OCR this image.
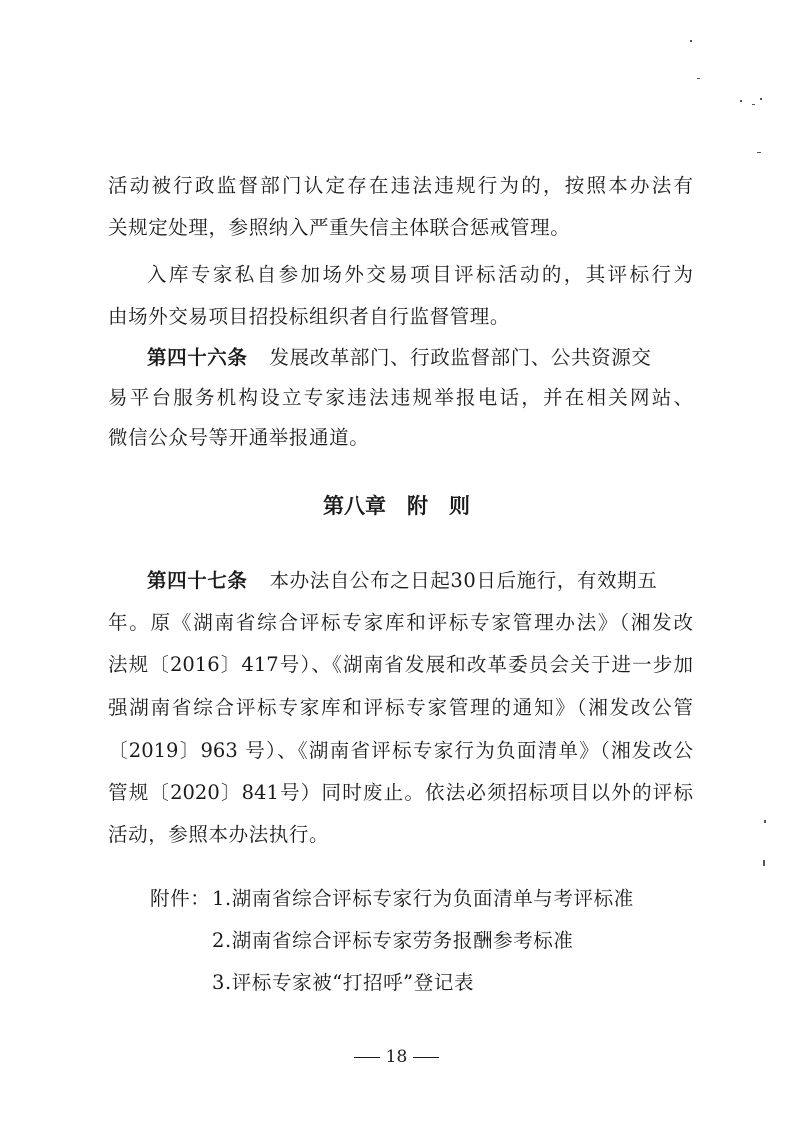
活动被行政监督部门认定存在违法违规行为的，按照本办法有
关规定处理，参照纳入严重失信主体联合惩戒管理。
入库专家私自参加场外交易项目评标活动的，其评标行为
由场外交易项目招投标组织者自行监督管理。
第四十六条 发展改革部门、行政监督部门、公共资源交
易平台服务机构设立专家违法违规举报电话，并在相关网站、
微信公众号等开通举报通道。
第八章　附　则
第四十七条 本办法自公布之日起30日后施行，有效期五
年。原《湖南省综合评标专家库和评标专家管理办法》（湘发改
法规〔2016〕417号）、《湖南省发展和改革委员会关于进一步加
强湖南省综合评标专家库和评标专家管理的通知》（湘发改公管
〔2019〕963 号）、《湖南省评标专家行为负面清单》（湘发改公
管规〔2020〕841号）同时废止。依法必须招标项目以外的评标
活动，参照本办法执行。
附件： 1.湖南省综合评标专家行为负面清单与考评标准
2.湖南省综合评标专家劳务报酬参考标准
3.评标专家被“打招呼”登记表
18
